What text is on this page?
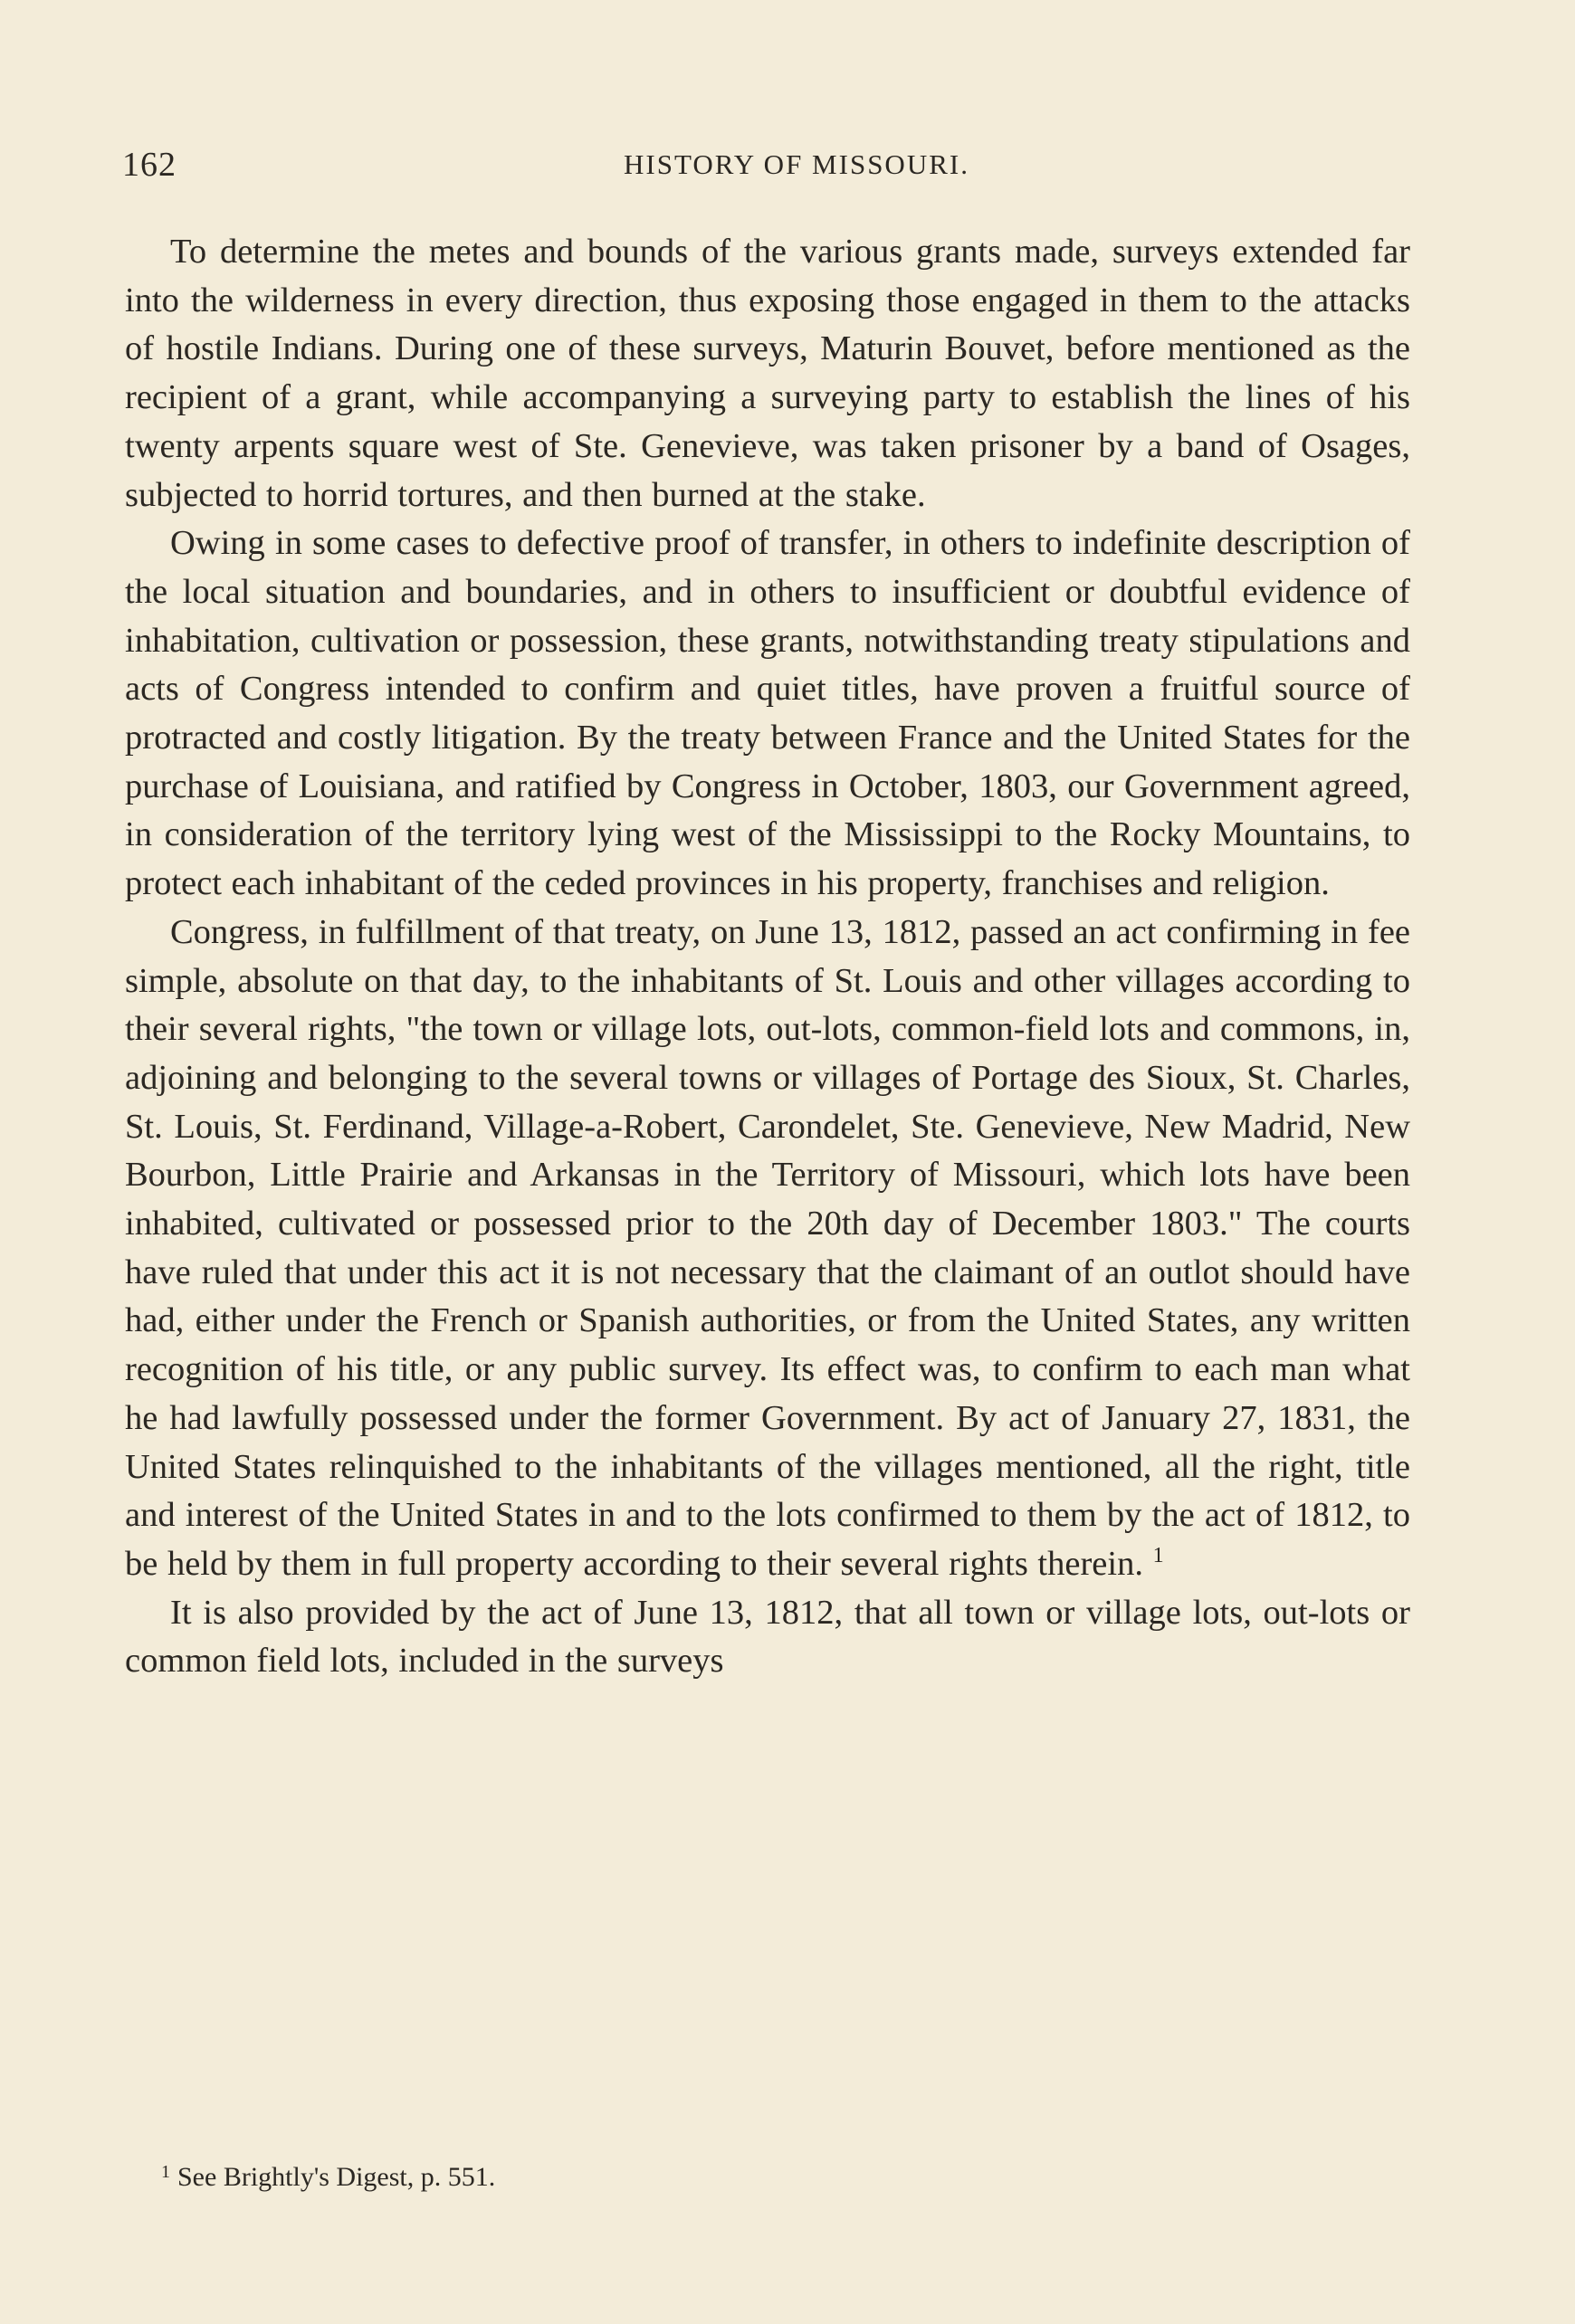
162	HISTORY OF MISSOURI.

To determine the metes and bounds of the various grants made, surveys extended far into the wilderness in every direction, thus exposing those engaged in them to the attacks of hostile Indians. During one of these surveys, Maturin Bouvet, before mentioned as the recipient of a grant, while accompanying a surveying party to establish the lines of his twenty arpents square west of Ste. Genevieve, was taken prisoner by a band of Osages, subjected to horrid tortures, and then burned at the stake.

Owing in some cases to defective proof of transfer, in others to indefinite description of the local situation and boundaries, and in others to insufficient or doubtful evidence of inhabitation, cultivation or possession, these grants, notwithstanding treaty stipulations and acts of Congress intended to confirm and quiet titles, have proven a fruitful source of protracted and costly litigation. By the treaty between France and the United States for the purchase of Louisiana, and ratified by Congress in October, 1803, our Government agreed, in consideration of the territory lying west of the Mississippi to the Rocky Mountains, to protect each inhabitant of the ceded provinces in his property, franchises and religion.

Congress, in fulfillment of that treaty, on June 13, 1812, passed an act confirming in fee simple, absolute on that day, to the inhabitants of St. Louis and other villages according to their several rights, "the town or village lots, out-lots, common-field lots and commons, in, adjoining and belonging to the several towns or villages of Portage des Sioux, St. Charles, St. Louis, St. Ferdinand, Village-a-Robert, Carondelet, Ste. Genevieve, New Madrid, New Bourbon, Little Prairie and Arkansas in the Territory of Missouri, which lots have been inhabited, cultivated or possessed prior to the 20th day of December 1803." The courts have ruled that under this act it is not necessary that the claimant of an outlot should have had, either under the French or Spanish authorities, or from the United States, any written recognition of his title, or any public survey. Its effect was, to confirm to each man what he had lawfully possessed under the former Government. By act of January 27, 1831, the United States relinquished to the inhabitants of the villages mentioned, all the right, title and interest of the United States in and to the lots confirmed to them by the act of 1812, to be held by them in full property according to their several rights therein. $^1$

It is also provided by the act of June 13, 1812, that all town or village lots, out-lots or common field lots, included in the surveys

$^1$ See Brightly's Digest, p. 551.
